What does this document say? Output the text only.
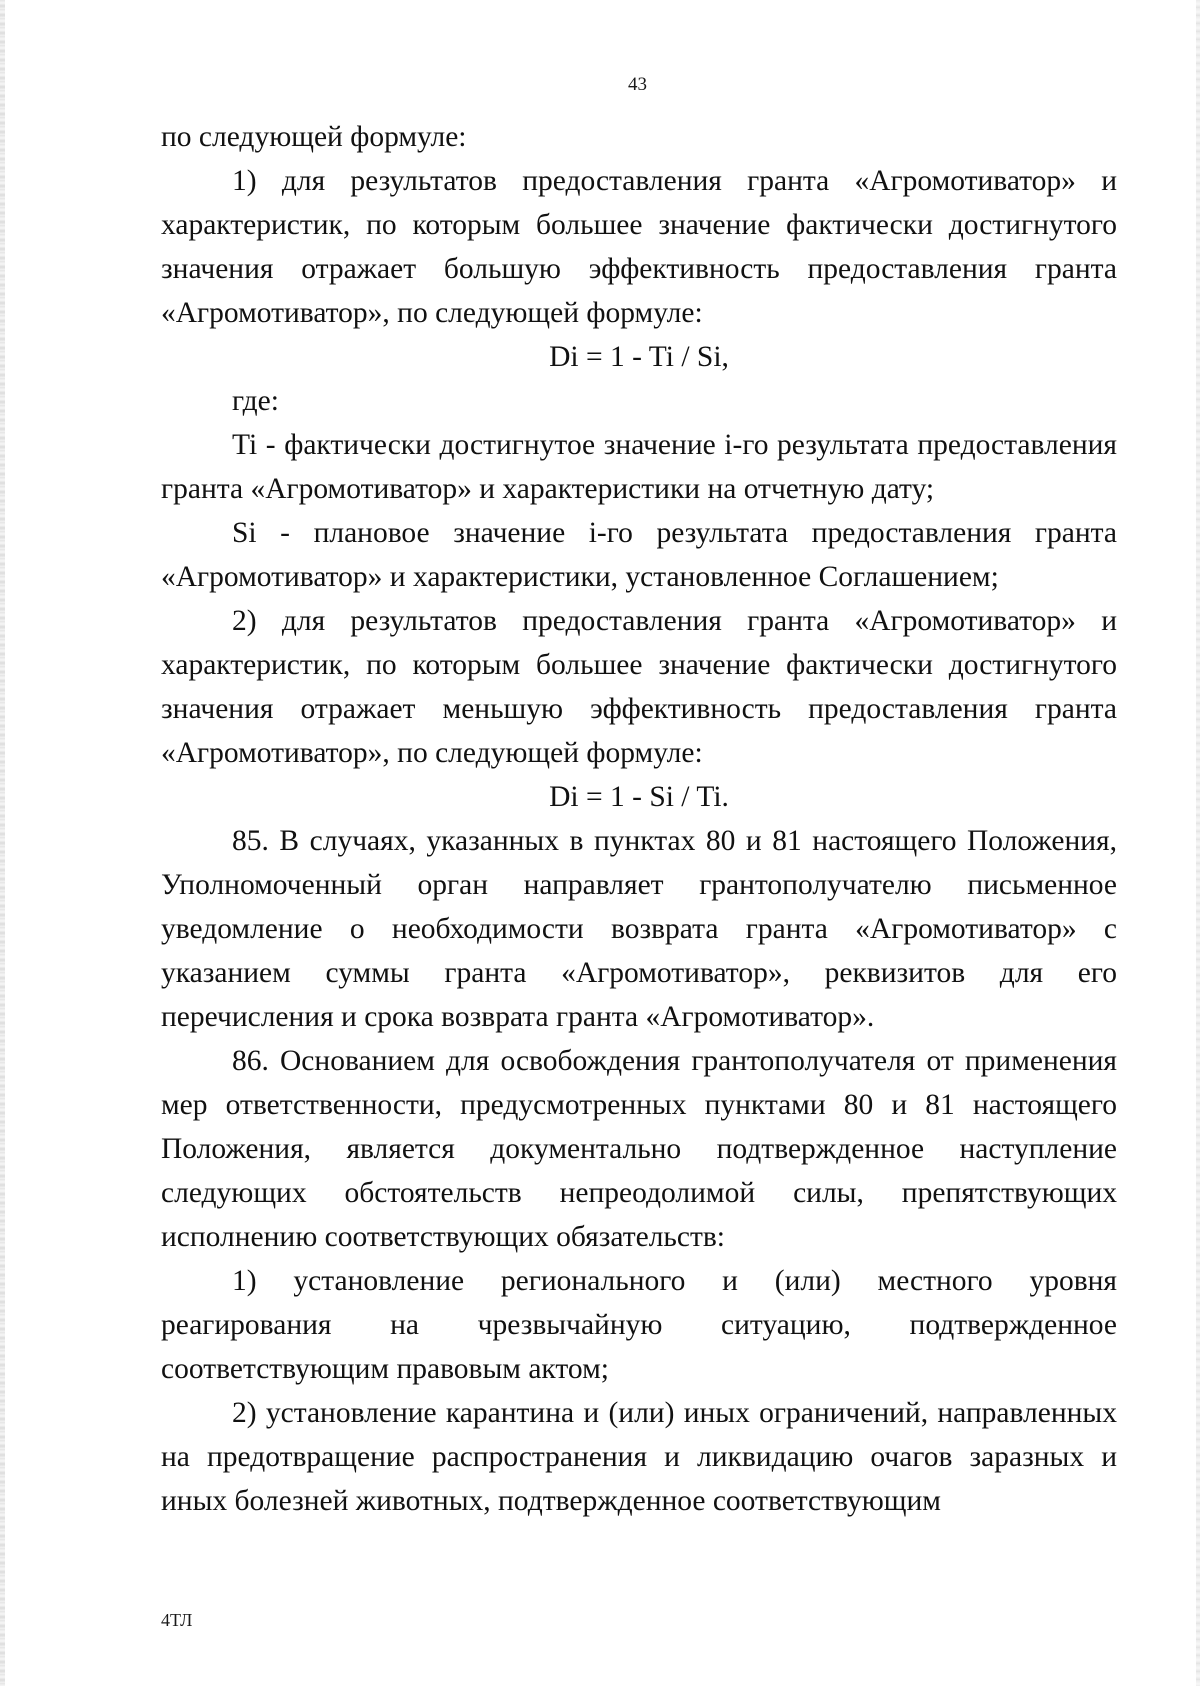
43

по следующей формуле:

1) для результатов предоставления гранта «Агромотиватор» и характеристик, по которым большее значение фактически достигнутого значения отражает большую эффективность предоставления гранта «Агромотиватор», по следующей формуле:

Di = 1 - Ti / Si,

где:

Ti - фактически достигнутое значение i-го результата предоставления гранта «Агромотиватор» и характеристики на отчетную дату;

Si - плановое значение i-го результата предоставления гранта «Агромотиватор» и характеристики, установленное Соглашением;

2) для результатов предоставления гранта «Агромотиватор» и характеристик, по которым большее значение фактически достигнутого значения отражает меньшую эффективность предоставления гранта «Агромотиватор», по следующей формуле:

Di = 1 - Si / Ti.

85. В случаях, указанных в пунктах 80 и 81 настоящего Положения, Уполномоченный орган направляет грантополучателю письменное уведомление о необходимости возврата гранта «Агромотиватор» с указанием суммы гранта «Агромотиватор», реквизитов для его перечисления и срока возврата гранта «Агромотиватор».

86. Основанием для освобождения грантополучателя от применения мер ответственности, предусмотренных пунктами 80 и 81 настоящего Положения, является документально подтвержденное наступление следующих обстоятельств непреодолимой силы, препятствующих исполнению соответствующих обязательств:

1) установление регионального и (или) местного уровня реагирования на чрезвычайную ситуацию, подтвержденное соответствующим правовым актом;

2) установление карантина и (или) иных ограничений, направленных на предотвращение распространения и ликвидацию очагов заразных и иных болезней животных, подтвержденное соответствующим

4ТЛ
